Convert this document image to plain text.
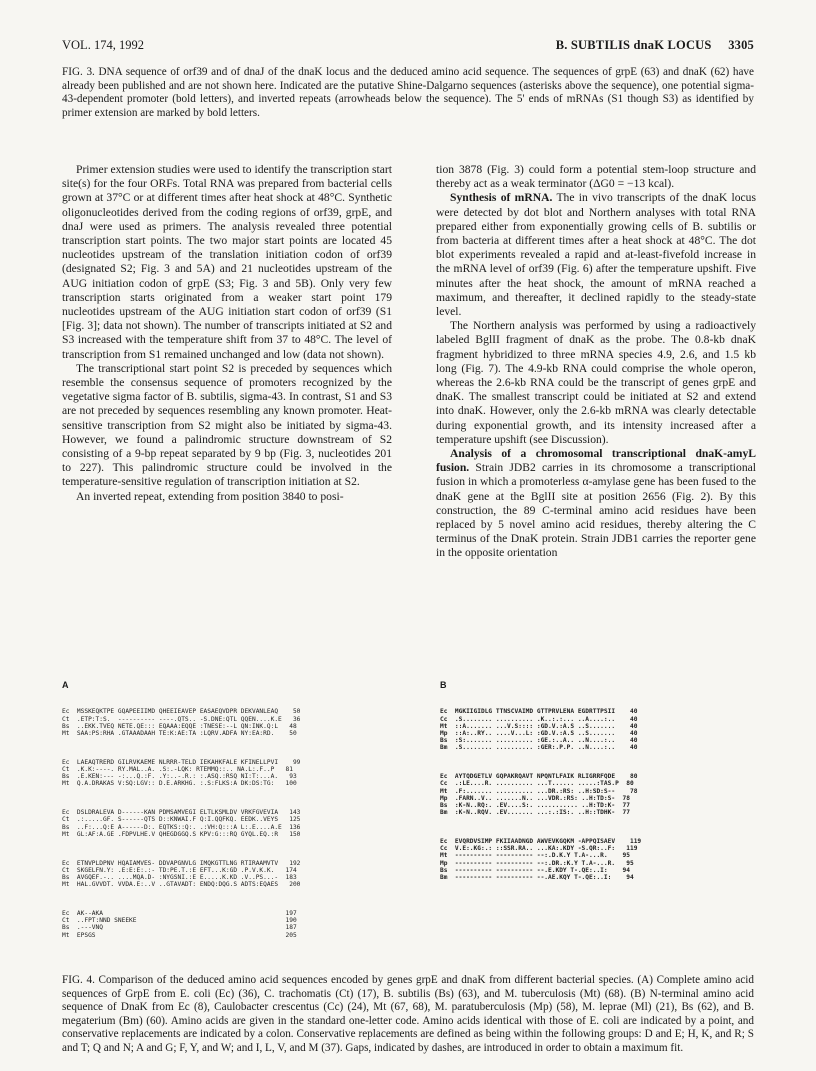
VOL. 174, 1992	B. SUBTILIS dnaK LOCUS 3305
FIG. 3. DNA sequence of orf39 and of dnaJ of the dnaK locus and the deduced amino acid sequence. The sequences of grpE (63) and dnaK (62) have already been published and are not shown here. Indicated are the putative Shine-Dalgarno sequences (asterisks above the sequence), one potential sigma-43-dependent promoter (bold letters), and inverted repeats (arrowheads below the sequence). The 5' ends of mRNAs (S1 though S3) as identified by primer extension are marked by bold letters.

Primer extension studies were used to identify the transcription start site(s) for the four ORFs. Total RNA was prepared from bacterial cells grown at 37°C or at different times after heat shock at 48°C. Synthetic oligonucleotides derived from the coding regions of orf39, grpE, and dnaJ were used as primers. The analysis revealed three potential transcription start points. The two major start points are located 45 nucleotides upstream of the translation initiation codon of orf39 (designated S2; Fig. 3 and 5A) and 21 nucleotides upstream of the AUG initiation codon of grpE (S3; Fig. 3 and 5B). Only very few transcription starts originated from a weaker start point 179 nucleotides upstream of the AUG initiation start codon of orf39 (S1 [Fig. 3]; data not shown). The number of transcripts initiated at S2 and S3 increased with the temperature shift from 37 to 48°C. The level of transcription from S1 remained unchanged and low (data not shown).

The transcriptional start point S2 is preceded by sequences which resemble the consensus sequence of promoters recognized by the vegetative sigma factor of B. subtilis, sigma-43. In contrast, S1 and S3 are not preceded by sequences resembling any known promoter. Heat-sensitive transcription from S2 might also be initiated by sigma-43. However, we found a palindromic structure downstream of S2 consisting of a 9-bp repeat separated by 9 bp (Fig. 3, nucleotides 201 to 227). This palindromic structure could be involved in the temperature-sensitive regulation of transcription initiation at S2.

An inverted repeat, extending from position 3840 to posi-

tion 3878 (Fig. 3) could form a potential stem-loop structure and thereby act as a weak terminator (ΔG0 = −13 kcal).

Synthesis of mRNA. The in vivo transcripts of the dnaK locus were detected by dot blot and Northern analyses with total RNA prepared either from exponentially growing cells of B. subtilis or from bacteria at different times after a heat shock at 48°C. The dot blot experiments revealed a rapid and at-least-fivefold increase in the mRNA level of orf39 (Fig. 6) after the temperature upshift. Five minutes after the heat shock, the amount of mRNA reached a maximum, and thereafter, it declined rapidly to the steady-state level.

The Northern analysis was performed by using a radioactively labeled BglII fragment of dnaK as the probe. The 0.8-kb dnaK fragment hybridized to three mRNA species 4.9, 2.6, and 1.5 kb long (Fig. 7). The 4.9-kb RNA could comprise the whole operon, whereas the 2.6-kb RNA could be the transcript of genes grpE and dnaK. The smallest transcript could be initiated at S2 and extend into dnaK. However, only the 2.6-kb mRNA was clearly detectable during exponential growth, and its intensity increased after a temperature upshift (see Discussion).

Analysis of a chromosomal transcriptional dnaK-amyL fusion. Strain JDB2 carries in its chromosome a transcriptional fusion in which a promoterless α-amylase gene has been fused to the dnaK gene at the BglII site at position 2656 (Fig. 2). By this construction, the 89 C-terminal amino acid residues have been replaced by 5 novel amino acid residues, thereby altering the C terminus of the DnaK protein. Strain JDB1 carries the reporter gene in the opposite orientation

A

Ec  MSSKEQKTPE GQAPEEIIMD QHEEIEAVEP EASAEQVDPR DEKVANLEAQ    50
Ct  .ETP:T:S.  ---------- ----.QTS.. -S.DNE:QTL QQEN....K.E   36
Bs  ..EKK.TVEQ NETE.QE::: EQAAA:EQQE :TNESE:--L QN:INK.Q:L   48
Mt  SAA:PS:RHA .GTAAADAAH TE:K:AE:TA :LQRV.ADFA NY:EA:RD.    50

Ec  LAEAQTRERD GILRVKAEME NLRRR-TELD IEKAHKFALE KFINELLPVI    99
Ct  .K.K:----. RY.MAL..A. .S:.-LQK: RTEMMQ::.. NA.L:.F..P   81
Bs  .E.KEN:--- -:...Q.:F. .Y:..-.R.: :.ASQ.:RSQ NI:T:...A.   93
Mt  Q.A.DRAKAS V:SQ:LGV:: D.E.ARKHG. :.S:FLKS:A DK:DS:TG:   100

Ec  DSLDRALEVA D------KAN PDMSAMVEGI ELTLKSMLDV VRKFGVEVIA   143
Ct  .:.....GF. S------QTS D::KNWAI.F Q:I.QQFKQ. EEDK..VEYS   125
Bs  ..F:...Q:E A------D:. EQTKS::Q:. .:VH:Q:::A L:.E....A.E  136
Mt  GL:AF:A.GE .FDPVLHE.V QHEGDGGQ.S KPV:G:::RQ GYQL.EQ.:R   150

Ec  ETNVPLDPNV HQAIAMVES- DDVAPGNVLG IMQKGTTLNG RTIRAAMVTV   192
Ct  SKGELFN.Y: .E:E:E:.:- TD:PE.T.:E EFT...K:GD .P.V.K.K.   174
Bs  AVGQEF.-.. ....MQA.D- :NYGSNI.:E E.....K.KD .V..PS...-  183
Mt  HAL.GVVDT. VVDA.E:..V ..GTAVADT: ENDQ:DQG.S ADTS:EQAES   200

Ec  AK--AKA                                                 197
Ct  ..FPT:NND SNEEKE                                        190
Bs  .---VNQ                                                 187
Mt  EPSGS                                                   205

B

Ec  MGKIIGIDLG TTNSCVAIMD GTTPRVLENA EGDRTTPSII    40
Cc  .S........ .......... .K..:.:... ..A....:..    40
Mt  ::A....... ...V.S:::: :GD.V.:A.S ..S.......    40
Mp  ::A:..RY.. ....V...L: :GD.V.:A.S ..S.......    40
Bs  :S:....... .......... :GE.:..A.. ..N....:..    40
Bm  .S........ .......... :GER:.P.P. ..N....:..    40

Ec  AYTQDGETLV GQPAKRQAVT NPQNTLFAIK RLIGRRFQDE    80
Cc  .:LE....R. .......... ...T...... .....:TAS.P  80
Mt  .F:....... .......... ...DR.:RS: ..H:SD:S--    78
Mp  .FARN..V.. .......N.. ...VDR.:RS: ..H:TD:S-  78
Bs  :K-N..RQ:. .EV....S:. ........... ..H:TD:K-  77
Bm  :K-N..RQV. .EV....... ...:.:IS:. ..H::TDHK-  77

Ec  EVQRDVSIMP FKIIAADNGD AWVEVKGQKM -APPQISAEV    119
Cc  V.E:.KG:.: ::SSR.RA.. ...KA:.KDY -S.QR:..F:   119
Mt  ---------- ---------- --:.D.K.Y T.A-...R.    95
Mp  ---------- ---------- --:.DR.:K.Y T.A-...R.   95
Bs  ---------- ---------- --.E.KDY T-.QE:..I:    94
Bm  ---------- ---------- --.AE.KQY T-.QE:..I:    94

FIG. 4. Comparison of the deduced amino acid sequences encoded by genes grpE and dnaK from different bacterial species. (A) Complete amino acid sequences of GrpE from E. coli (Ec) (36), C. trachomatis (Ct) (17), B. subtilis (Bs) (63), and M. tuberculosis (Mt) (68). (B) N-terminal amino acid sequence of DnaK from Ec (8), Caulobacter crescentus (Cc) (24), Mt (67, 68), M. paratuberculosis (Mp) (58), M. leprae (Ml) (21), Bs (62), and B. megaterium (Bm) (60). Amino acids are given in the standard one-letter code. Amino acids identical with those of E. coli are indicated by a point, and conservative replacements are indicated by a colon. Conservative replacements are defined as being within the following groups: D and E; H, K, and R; S and T; Q and N; A and G; F, Y, and W; and I, L, V, and M (37). Gaps, indicated by dashes, are introduced in order to obtain a maximum fit.
